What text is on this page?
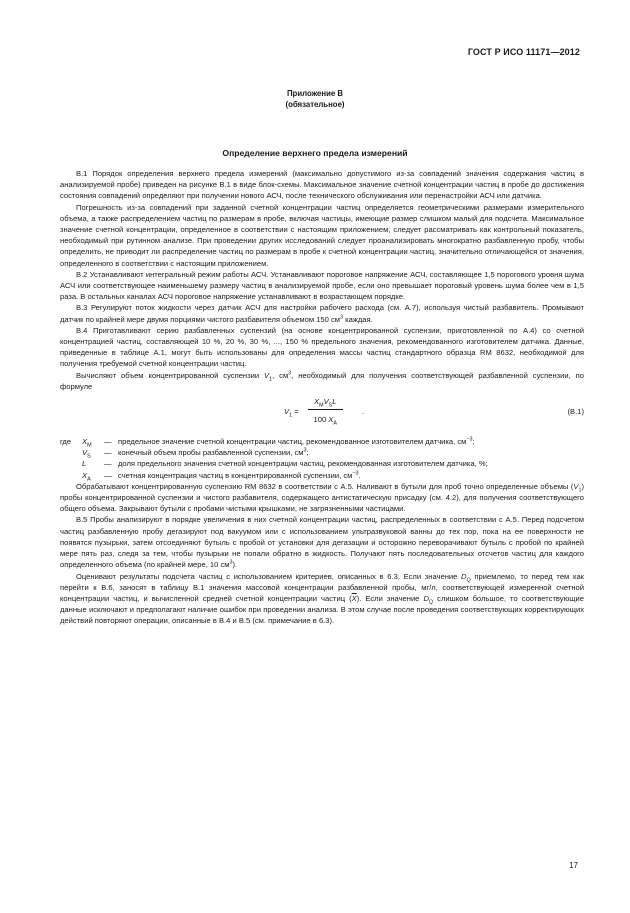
ГОСТ Р ИСО 11171—2012
Приложение В
(обязательное)
Определение верхнего предела измерений

В.1 Порядок определения верхнего предела измерений (максимально допустимого из-за совпадений значения содержания частиц в анализируемой пробе) приведен на рисунке В.1 в виде блок-схемы. Максимальное значение счетной концентрации частиц в пробе до достижения состояния совпадений определяют при получении нового АСЧ, после технического обслуживания или перенастройки АСЧ или датчика.

Погрешность из-за совпадений при заданной счетной концентрации частиц определяется геометрическими размерами измерительного объема, а также распределением частиц по размерам в пробе, включая частицы, имеющие размер слишком малый для подсчета. Максимальное значение счетной концентрации, определенное в соответствии с настоящим приложением, следует рассматривать как контрольный показатель, необходимый при рутинном анализе. При проведении других исследований следует проанализировать многократно разбавленную пробу, чтобы определить, не приводит ли распределение частиц по размерам в пробе к счетной концентрации частиц, значительно отличающейся от значения, определенного в соответствии с настоящим приложением.

В.2 Устанавливают интегральный режим работы АСЧ. Устанавливают пороговое напряжение АСЧ, составляющее 1,5 порогового уровня шума АСЧ или соответствующее наименьшему размеру частиц в анализируемой пробе, если оно превышает пороговый уровень шума более чем в 1,5 раза. В остальных каналах АСЧ пороговое напряжение устанавливают в возрастающем порядке.

В.3 Регулируют поток жидкости через датчик АСЧ для настройки рабочего расхода (см. А.7), используя чистый разбавитель. Промывают датчик по крайней мере двумя порциями чистого разбавителя объемом 150 $см^3$ каждая.

В.4 Приготавливают серию разбавленных суспензий (на основе концентрированной суспензии, приготовленной по А.4) со счетной концентрацией частиц, составляющей 10 %, 20 %, 30 %, ..., 150 % предельного значения, рекомендованного изготовителем датчика. Данные, приведенные в таблице А.1, могут быть использованы для определения массы частиц стандартного образца RM 8632, необходимой для получения требуемой счетной концентрации частиц.

Вычисляют объем концентрированной суспензии $V_1$, $см^3$, необходимый для получения соответствующей разбавленной суспензии, по формуле

$V_1$ =
$X_MV_SL$
100 $X_A$
.	(В.1)
где	$X_M$	— предельное значение счетной концентрации частиц, рекомендованное изготовителем датчика, $см^{-3}$;
$V_S$	— конечный объем пробы разбавленной суспензии, $см^3$;
L	— доля предельного значения счетной концентрации частиц, рекомендованная изготовителем датчика, %;
$X_A$	— счетная концентрация частиц в концентрированной суспензии, $см^{-3}$.

Обрабатывают концентрированную суспензию RM 8632 в соответствии с А.5. Наливают в бутыли для проб точно определенные объемы $(V_1)$ пробы концентрированной суспензии и чистого разбавителя, содержащего антистатическую присадку (см. 4.2), для получения соответствующего общего объема. Закрывают бутыли с пробами чистыми крышками, не загрязненными частицами.

В.5 Пробы анализируют в порядке увеличения в них счетной концентрации частиц, распределенных в соответствии с А.5. Перед подсчетом частиц разбавленную пробу дегазируют под вакуумом или с использованием ультразвуковой ванны до тех пор, пока на ее поверхности не появятся пузырьки, затем отсоединяют бутыль с пробой от установки для дегазации и осторожно переворачивают бутыль с пробой по крайней мере пять раз, следя за тем, чтобы пузырьки не попали обратно в жидкость. Получают пять последовательных отсчетов частиц для каждого определенного объема (по крайней мере, 10 $см^3$).

Оценивают результаты подсчета частиц с использованием критериев, описанных в 6.3. Если значение $D_Q$ приемлемо, то перед тем как перейти к В.6, заносят в таблицу В.1 значения массовой концентрации разбавленной пробы, мг/л, соответствующей измеренной счетной концентрации частиц, и вычисленной средней счетной концентрации частиц $(\overline{X})$. Если значение $D_Q$ слишком большое, то соответствующие данные исключают и предполагают наличие ошибок при проведении анализа. В этом случае после проведения соответствующих корректирующих действий повторяют операции, описанные в В.4 и В.5 (см. примечание в 6.3).

17
